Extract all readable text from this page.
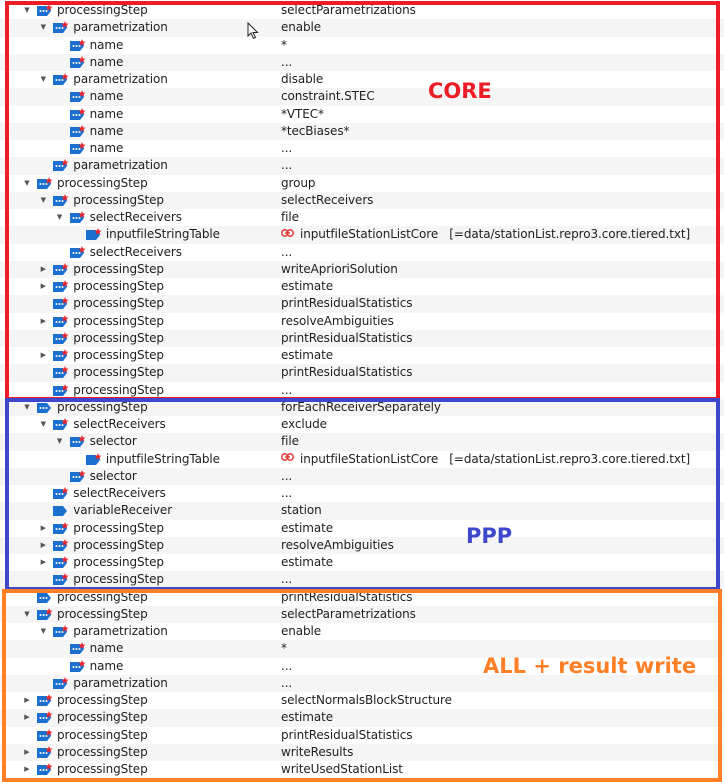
▼ processingStep	selectParametrizations
▼ parametrization	enable
name	*
name	...
▼ parametrization	disable
name	constraint.STEC
name	*VTEC*
name	*tecBiases*
name	...
parametrization	...
▼ processingStep	group
▼ processingStep	selectReceivers
▼ selectReceivers	file
inputfileStringTable	inputfileStationListCore   [=data/stationList.repro3.core.tiered.txt]
selectReceivers	...
▶ processingStep	writeAprioriSolution
▶ processingStep	estimate
processingStep	printResidualStatistics
▶ processingStep	resolveAmbiguities
processingStep	printResidualStatistics
▶ processingStep	estimate
processingStep	printResidualStatistics
processingStep	...
▼ processingStep	forEachReceiverSeparately
▼ selectReceivers	exclude
▼ selector	file
inputfileStringTable	inputfileStationListCore   [=data/stationList.repro3.core.tiered.txt]
selector	...
selectReceivers	...
variableReceiver	station
▶ processingStep	estimate
▶ processingStep	resolveAmbiguities
▶ processingStep	estimate
processingStep	...
processingStep	printResidualStatistics
▼ processingStep	selectParametrizations
▼ parametrization	enable
name	*
name	...
parametrization	...
▶ processingStep	selectNormalsBlockStructure
▶ processingStep	estimate
processingStep	printResidualStatistics
▶ processingStep	writeResults
▶ processingStep	writeUsedStationList
CORE
PPP
ALL + result write
